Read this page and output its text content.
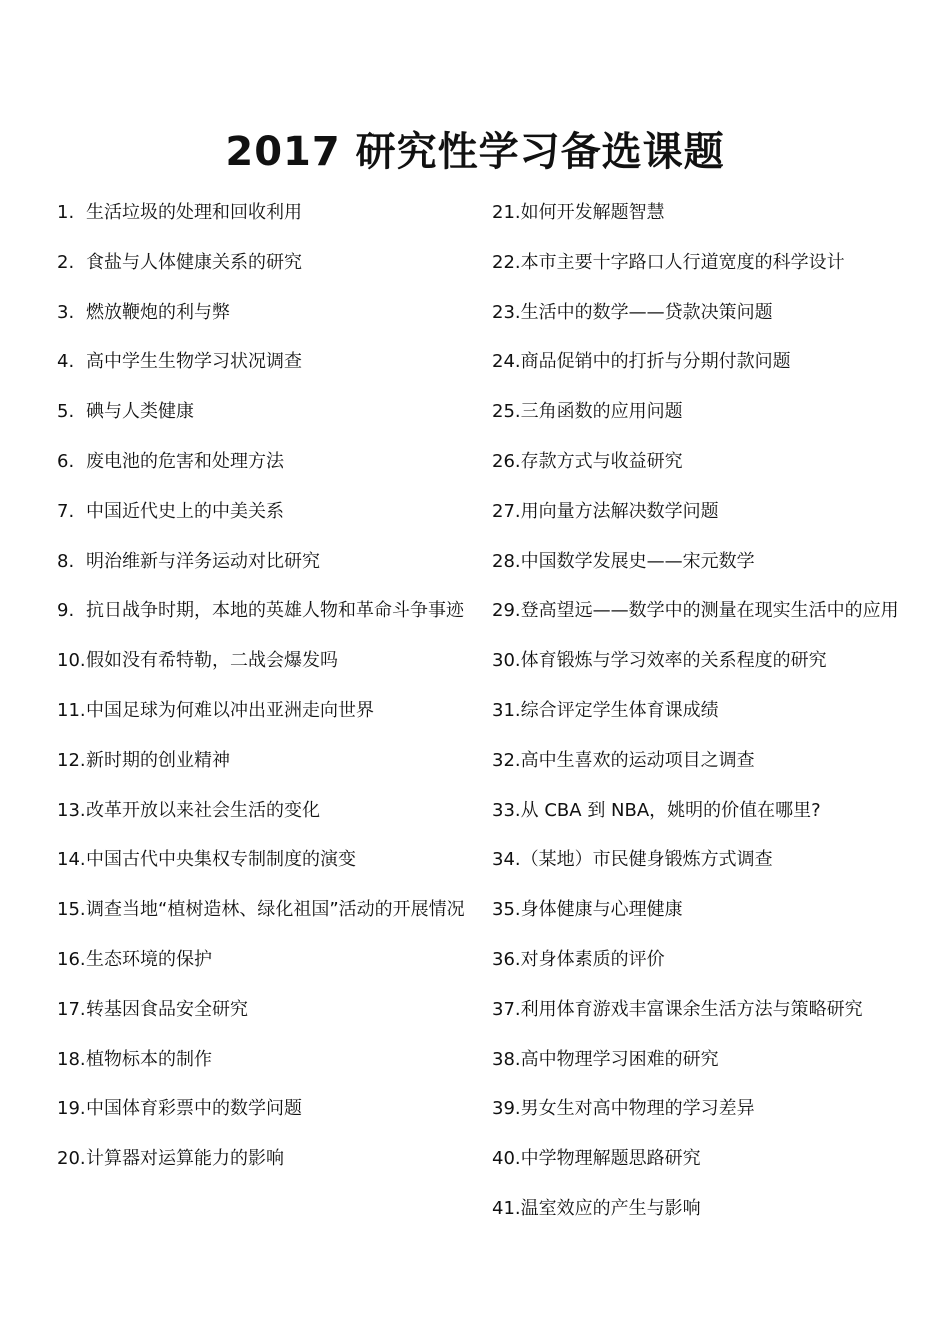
2017 研究性学习备选课题
1. 生活垃圾的处理和回收利用
2. 食盐与人体健康关系的研究
3. 燃放鞭炮的利与弊
4. 高中学生生物学习状况调查
5. 碘与人类健康
6. 废电池的危害和处理方法
7. 中国近代史上的中美关系
8. 明治维新与洋务运动对比研究
9. 抗日战争时期，本地的英雄人物和革命斗争事迹
10. 假如没有希特勒，二战会爆发吗
11. 中国足球为何难以冲出亚洲走向世界
12. 新时期的创业精神
13. 改革开放以来社会生活的变化
14. 中国古代中央集权专制制度的演变
15. 调查当地“植树造林、绿化祖国”活动的开展情况
16. 生态环境的保护
17. 转基因食品安全研究
18. 植物标本的制作
19. 中国体育彩票中的数学问题
20. 计算器对运算能力的影响
21. 如何开发解题智慧
22. 本市主要十字路口人行道宽度的科学设计
23. 生活中的数学——贷款决策问题
24. 商品促销中的打折与分期付款问题
25. 三角函数的应用问题
26. 存款方式与收益研究
27. 用向量方法解决数学问题
28. 中国数学发展史——宋元数学
29. 登高望远——数学中的测量在现实生活中的应用
30. 体育锻炼与学习效率的关系程度的研究
31. 综合评定学生体育课成绩
32. 高中生喜欢的运动项目之调查
33. 从 CBA 到 NBA，姚明的价值在哪里?
34. （某地）市民健身锻炼方式调查
35. 身体健康与心理健康
36. 对身体素质的评价
37. 利用体育游戏丰富课余生活方法与策略研究
38. 高中物理学习困难的研究
39. 男女生对高中物理的学习差异
40. 中学物理解题思路研究
41. 温室效应的产生与影响
